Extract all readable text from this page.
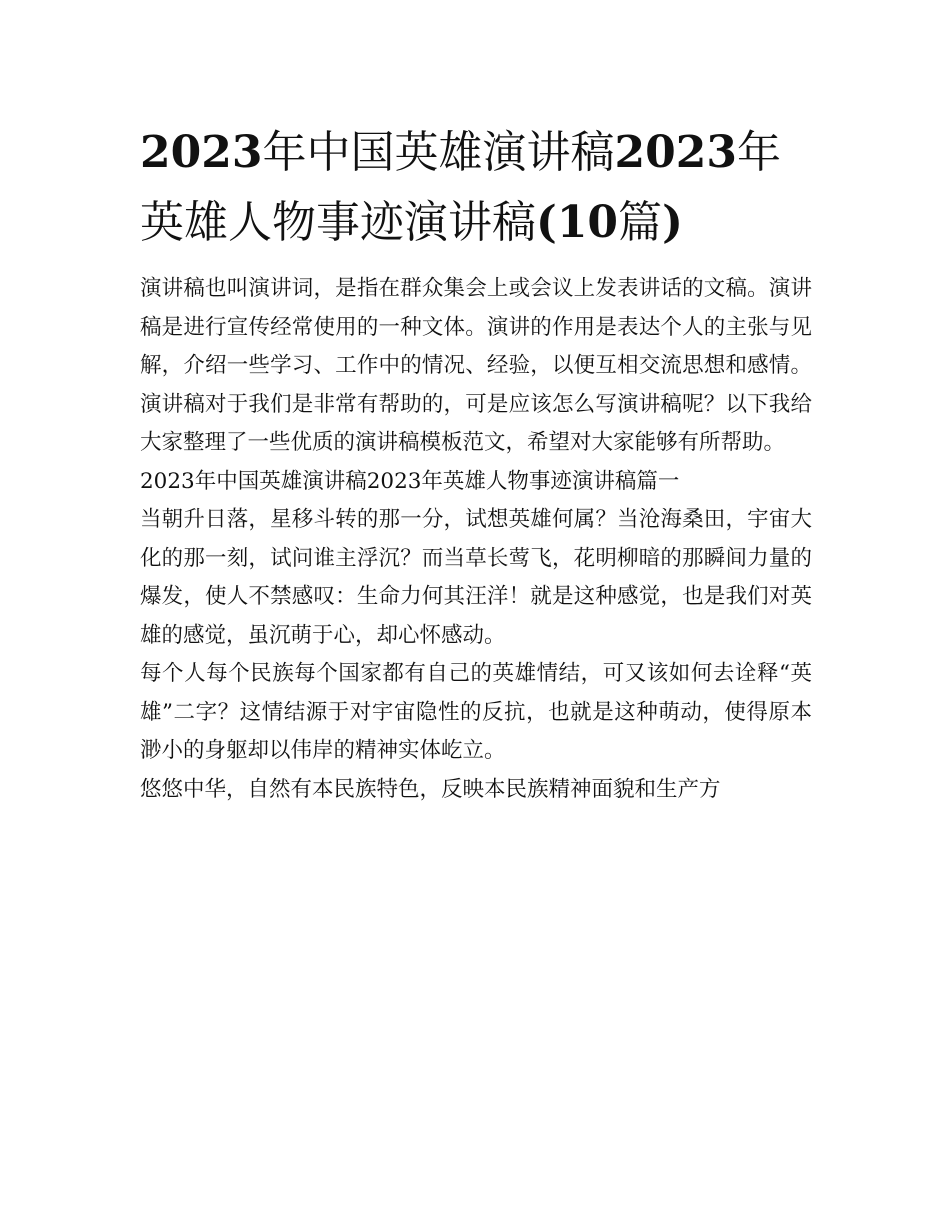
2023年中国英雄演讲稿2023年英雄人物事迹演讲稿(10篇)

演讲稿也叫演讲词，是指在群众集会上或会议上发表讲话的文稿。演讲稿是进行宣传经常使用的一种文体。演讲的作用是表达个人的主张与见解，介绍一些学习、工作中的情况、经验，以便互相交流思想和感情。演讲稿对于我们是非常有帮助的，可是应该怎么写演讲稿呢？以下我给大家整理了一些优质的演讲稿模板范文，希望对大家能够有所帮助。

2023年中国英雄演讲稿2023年英雄人物事迹演讲稿篇一

当朝升日落，星移斗转的那一分，试想英雄何属？当沧海桑田，宇宙大化的那一刻，试问谁主浮沉？而当草长莺飞，花明柳暗的那瞬间力量的爆发，使人不禁感叹：生命力何其汪洋！就是这种感觉，也是我们对英雄的感觉，虽沉萌于心，却心怀感动。

每个人每个民族每个国家都有自己的英雄情结，可又该如何去诠释“英雄”二字？这情结源于对宇宙隐性的反抗，也就是这种萌动，使得原本渺小的身躯却以伟岸的精神实体屹立。

悠悠中华，自然有本民族特色，反映本民族精神面貌和生产方
